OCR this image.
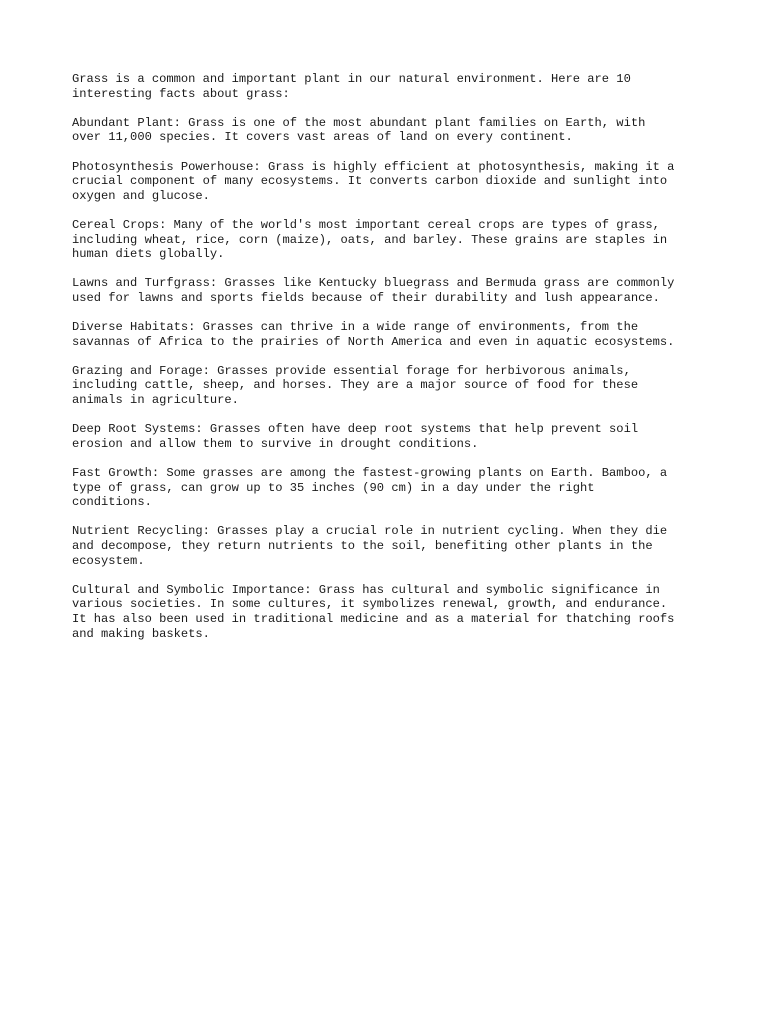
Grass is a common and important plant in our natural environment. Here are 10
interesting facts about grass:

Abundant Plant: Grass is one of the most abundant plant families on Earth, with
over 11,000 species. It covers vast areas of land on every continent.

Photosynthesis Powerhouse: Grass is highly efficient at photosynthesis, making it a
crucial component of many ecosystems. It converts carbon dioxide and sunlight into
oxygen and glucose.

Cereal Crops: Many of the world's most important cereal crops are types of grass,
including wheat, rice, corn (maize), oats, and barley. These grains are staples in
human diets globally.

Lawns and Turfgrass: Grasses like Kentucky bluegrass and Bermuda grass are commonly
used for lawns and sports fields because of their durability and lush appearance.

Diverse Habitats: Grasses can thrive in a wide range of environments, from the
savannas of Africa to the prairies of North America and even in aquatic ecosystems.

Grazing and Forage: Grasses provide essential forage for herbivorous animals,
including cattle, sheep, and horses. They are a major source of food for these
animals in agriculture.

Deep Root Systems: Grasses often have deep root systems that help prevent soil
erosion and allow them to survive in drought conditions.

Fast Growth: Some grasses are among the fastest-growing plants on Earth. Bamboo, a
type of grass, can grow up to 35 inches (90 cm) in a day under the right
conditions.

Nutrient Recycling: Grasses play a crucial role in nutrient cycling. When they die
and decompose, they return nutrients to the soil, benefiting other plants in the
ecosystem.

Cultural and Symbolic Importance: Grass has cultural and symbolic significance in
various societies. In some cultures, it symbolizes renewal, growth, and endurance.
It has also been used in traditional medicine and as a material for thatching roofs
and making baskets.
